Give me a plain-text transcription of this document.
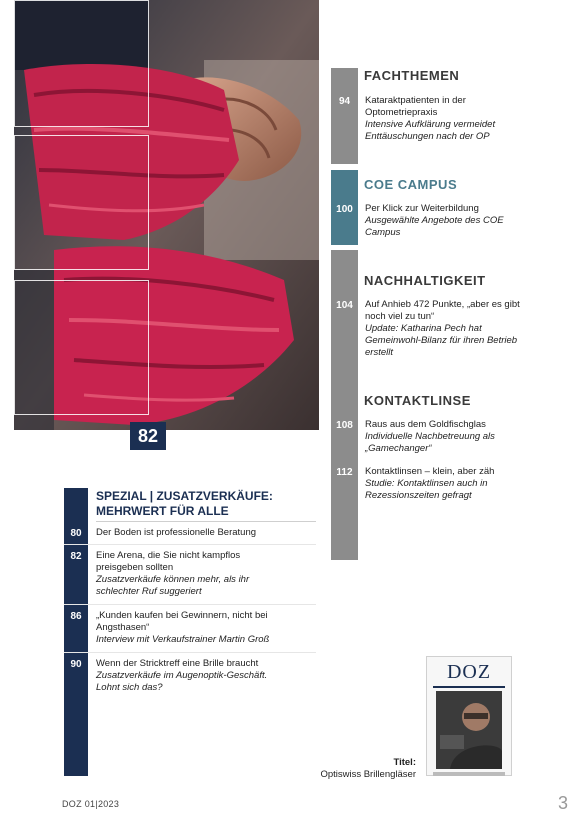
82
FACHTHEMEN
94	Kataraktpatienten in der Optometriepraxis
Intensive Aufklärung vermeidet Enttäuschungen nach der OP
COE CAMPUS
100	Per Klick zur Weiterbildung
Ausgewählte Angebote des COE Campus
NACHHALTIGKEIT
104	Auf Anhieb 472 Punkte, „aber es gibt noch viel zu tun“
Update: Katharina Pech hat Gemeinwohl-Bilanz für ihren Betrieb erstellt
KONTAKTLINSE
108	Raus aus dem Goldfischglas
Individuelle Nachbetreuung als „Gamechanger“
112	Kontaktlinsen – klein, aber zäh
Studie: Kontaktlinsen auch in Rezessionszeiten gefragt
SPEZIAL | ZUSATZVERKÄUFE:
MEHRWERT FÜR ALLE
80	Der Boden ist professionelle Beratung
82	Eine Arena, die Sie nicht kampflos preisgeben sollten
Zusatzverkäufe können mehr, als ihr schlechter Ruf suggeriert
86	„Kunden kaufen bei Gewinnern, nicht bei Angsthasen“
Interview mit Verkaufstrainer Martin Groß
90	Wenn der Stricktreff eine Brille braucht
Zusatzverkäufe im Augenoptik-Geschäft. Lohnt sich das?
DOZ
Titel:
Optiswiss Brillengläser
DOZ 01|2023	3
